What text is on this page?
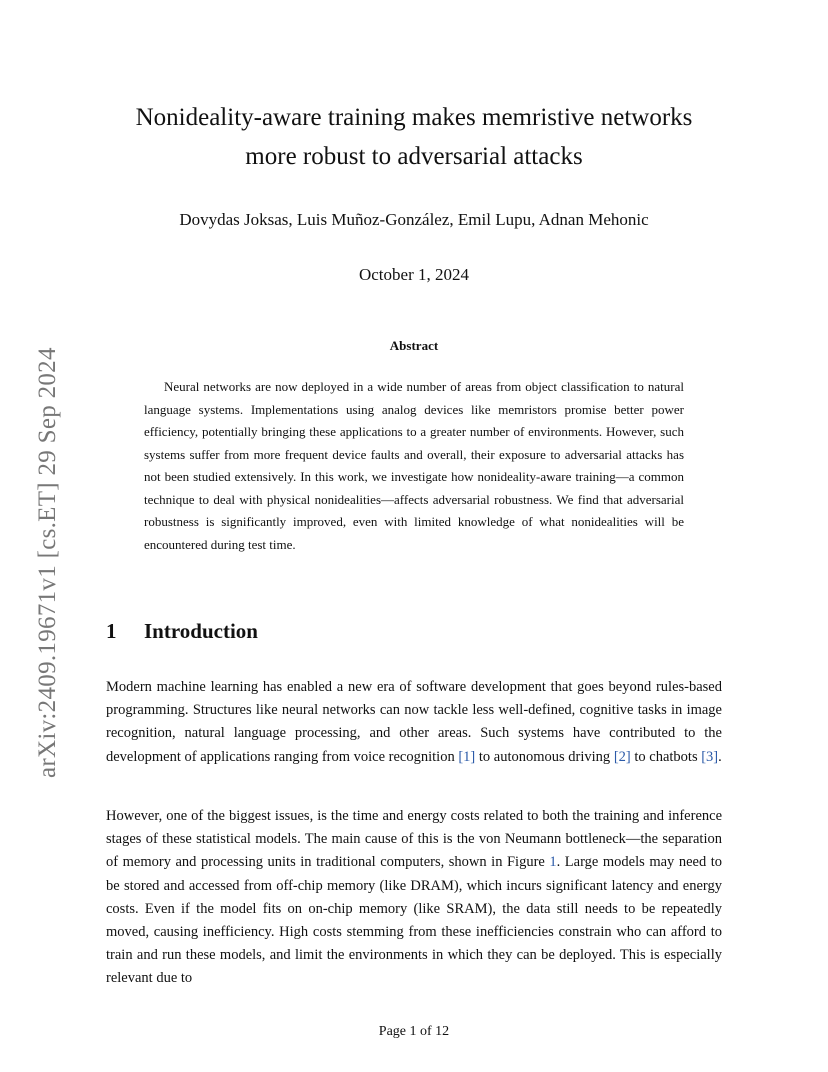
arXiv:2409.19671v1 [cs.ET] 29 Sep 2024
Nonideality-aware training makes memristive networks
more robust to adversarial attacks
Dovydas Joksas, Luis Muñoz-González, Emil Lupu, Adnan Mehonic
October 1, 2024
Abstract

Neural networks are now deployed in a wide number of areas from object classification to natural language systems. Implementations using analog devices like memristors promise better power efficiency, potentially bringing these applications to a greater number of environments. However, such systems suffer from more frequent device faults and overall, their exposure to adversarial attacks has not been studied extensively. In this work, we investigate how nonideality-aware training—a common technique to deal with physical nonidealities—affects adversarial robustness. We find that adversarial robustness is significantly improved, even with limited knowledge of what nonidealities will be encountered during test time.

1 Introduction

Modern machine learning has enabled a new era of software development that goes beyond rules-based programming. Structures like neural networks can now tackle less well-defined, cognitive tasks in image recognition, natural language processing, and other areas. Such systems have contributed to the development of applications ranging from voice recognition [1] to autonomous driving [2] to chatbots [3].

However, one of the biggest issues, is the time and energy costs related to both the training and inference stages of these statistical models. The main cause of this is the von Neumann bottleneck—the separation of memory and processing units in traditional computers, shown in Figure 1. Large models may need to be stored and accessed from off-chip memory (like DRAM), which incurs significant latency and energy costs. Even if the model fits on on-chip memory (like SRAM), the data still needs to be repeatedly moved, causing inefficiency. High costs stemming from these inefficiencies constrain who can afford to train and run these models, and limit the environments in which they can be deployed. This is especially relevant due to

Page 1 of 12
